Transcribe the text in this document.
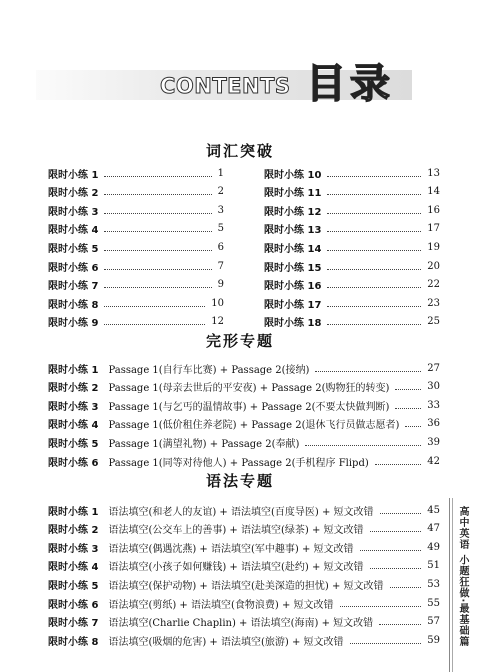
CONTENTS 目录
词汇突破
完形专题
语法专题
限时小练 1	1	限时小练 10	13
限时小练 2	2	限时小练 11	14
限时小练 3	3	限时小练 12	16
限时小练 4	5	限时小练 13	17
限时小练 5	6	限时小练 14	19
限时小练 6	7	限时小练 15	20
限时小练 7	9	限时小练 16	22
限时小练 8	10	限时小练 17	23
限时小练 9	12	限时小练 18	25
限时小练 1 Passage 1(自行车比赛) + Passage 2(接纳)	27
限时小练 2 Passage 1(母亲去世后的平安夜) + Passage 2(购物狂的转变)	30
限时小练 3 Passage 1(与乞丐的温情故事) + Passage 2(不要太快做判断)	33
限时小练 4 Passage 1(低价租住养老院) + Passage 2(退休飞行员做志愿者)	36
限时小练 5 Passage 1(满望礼物) + Passage 2(奉献)	39
限时小练 6 Passage 1(同等对待他人) + Passage 2(手机程序 Flipd)	42
限时小练 1 语法填空(和老人的友谊) + 语法填空(百度导医) + 短文改错	45
限时小练 2 语法填空(公交车上的善事) + 语法填空(绿茶) + 短文改错	47
限时小练 3 语法填空(偶遇沈燕) + 语法填空(军中趣事) + 短文改错	49
限时小练 4 语法填空(小孩子如何赚钱) + 语法填空(赴约) + 短文改错	51
限时小练 5 语法填空(保护动物) + 语法填空(赴美深造的担忧) + 短文改错	53
限时小练 6 语法填空(剪纸) + 语法填空(食物浪费) + 短文改错	55
限时小练 7 语法填空(Charlie Chaplin) + 语法填空(海南) + 短文改错	57
限时小练 8 语法填空(吸烟的危害) + 语法填空(旅游) + 短文改错	59 高中英语 小题狂做·最基础篇
